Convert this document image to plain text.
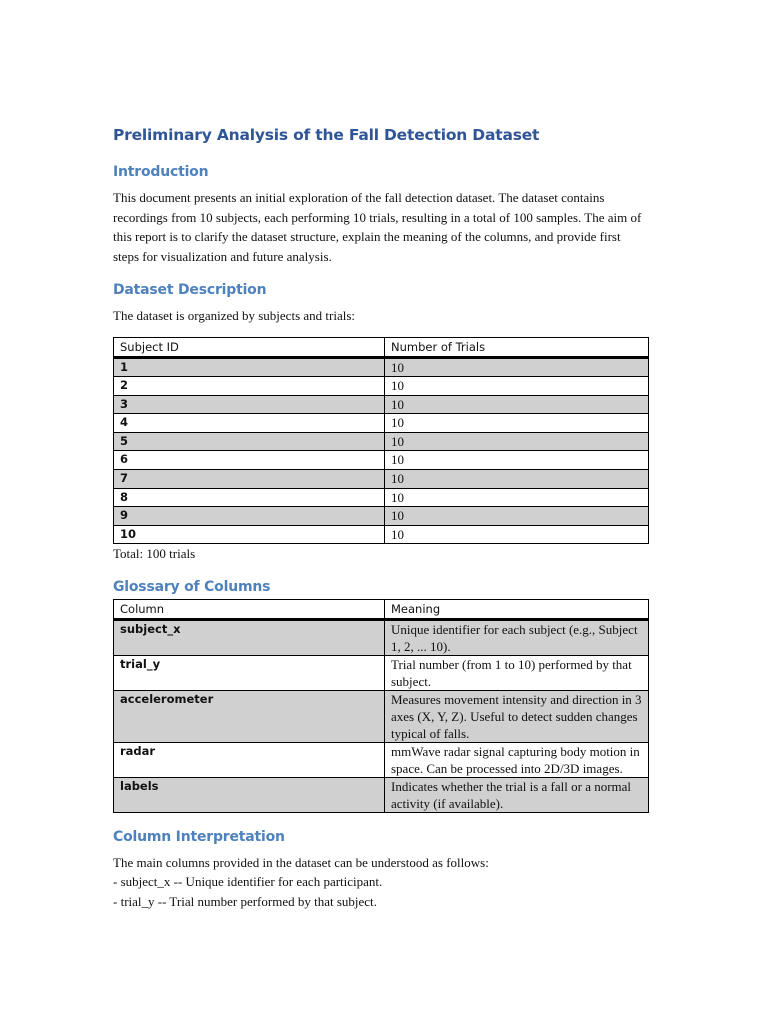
Preliminary Analysis of the Fall Detection Dataset
Introduction

This document presents an initial exploration of the fall detection dataset. The dataset contains recordings from 10 subjects, each performing 10 trials, resulting in a total of 100 samples. The aim of this report is to clarify the dataset structure, explain the meaning of the columns, and provide first steps for visualization and future analysis.

Dataset Description

The dataset is organized by subjects and trials:

Subject ID	Number of Trials
1	10
2	10
3	10
4	10
5	10
6	10
7	10
8	10
9	10
10	10

Total: 100 trials

Glossary of Columns
Column	Meaning
subject_x	Unique identifier for each subject (e.g., Subject 1, 2, ... 10).
trial_y	Trial number (from 1 to 10) performed by that subject.
accelerometer	Measures movement intensity and direction in 3 axes (X, Y, Z). Useful to detect sudden changes typical of falls.
radar	mmWave radar signal capturing body motion in space. Can be processed into 2D/3D images.
labels	Indicates whether the trial is a fall or a normal activity (if available).
Column Interpretation

The main columns provided in the dataset can be understood as follows:

- subject_x -- Unique identifier for each participant.

- trial_y -- Trial number performed by that subject.
